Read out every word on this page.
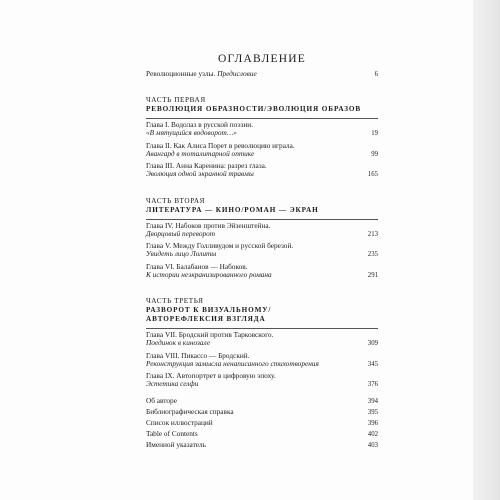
ОГЛАВЛЕНИЕ
Революционные узлы. Предисловие	6
ЧАСТЬ ПЕРВАЯ
РЕВОЛЮЦИЯ ОБРАЗНОСТИ/ЭВОЛЮЦИЯ ОБРАЗОВ
Глава I. Водолаз в русской поэзии.
«В мятущийся водоворот…»	19
Глава II. Как Алиса Порет в революцию играла.
Авангард в тоталитарной оптике	99
Глава III. Анна Каренина: разрез глаза.
Эволюция одной экранной травмы	165
ЧАСТЬ ВТОРАЯ
ЛИТЕРАТУРА — КИНО/РОМАН — ЭКРАН
Глава IV. Набоков против Эйзенштейна.
Дворцовый переворот	213
Глава V. Между Голливудом и русской березой.
Увидеть лицо Лолиты	235
Глава VI. Балабанов — Набоков.
К истории неэкранизированного романа	291
ЧАСТЬ ТРЕТЬЯ
РАЗВОРОТ К ВИЗУАЛЬНОМУ/
АВТОРЕФЛЕКСИЯ ВЗГЛЯДА
Глава VII. Бродский против Тарковского.
Поединок в кинозале	309
Глава VIII. Пикассо — Бродский.
Реконструкция замысла ненаписанного стихотворения	345
Глава IX. Автопортрет в цифровую эпоху.
Эстетика селфи	376
Об авторе	394
Библиографическая справка	395
Список иллюстраций	396
Table of Contents	402
Именной указатель	403
